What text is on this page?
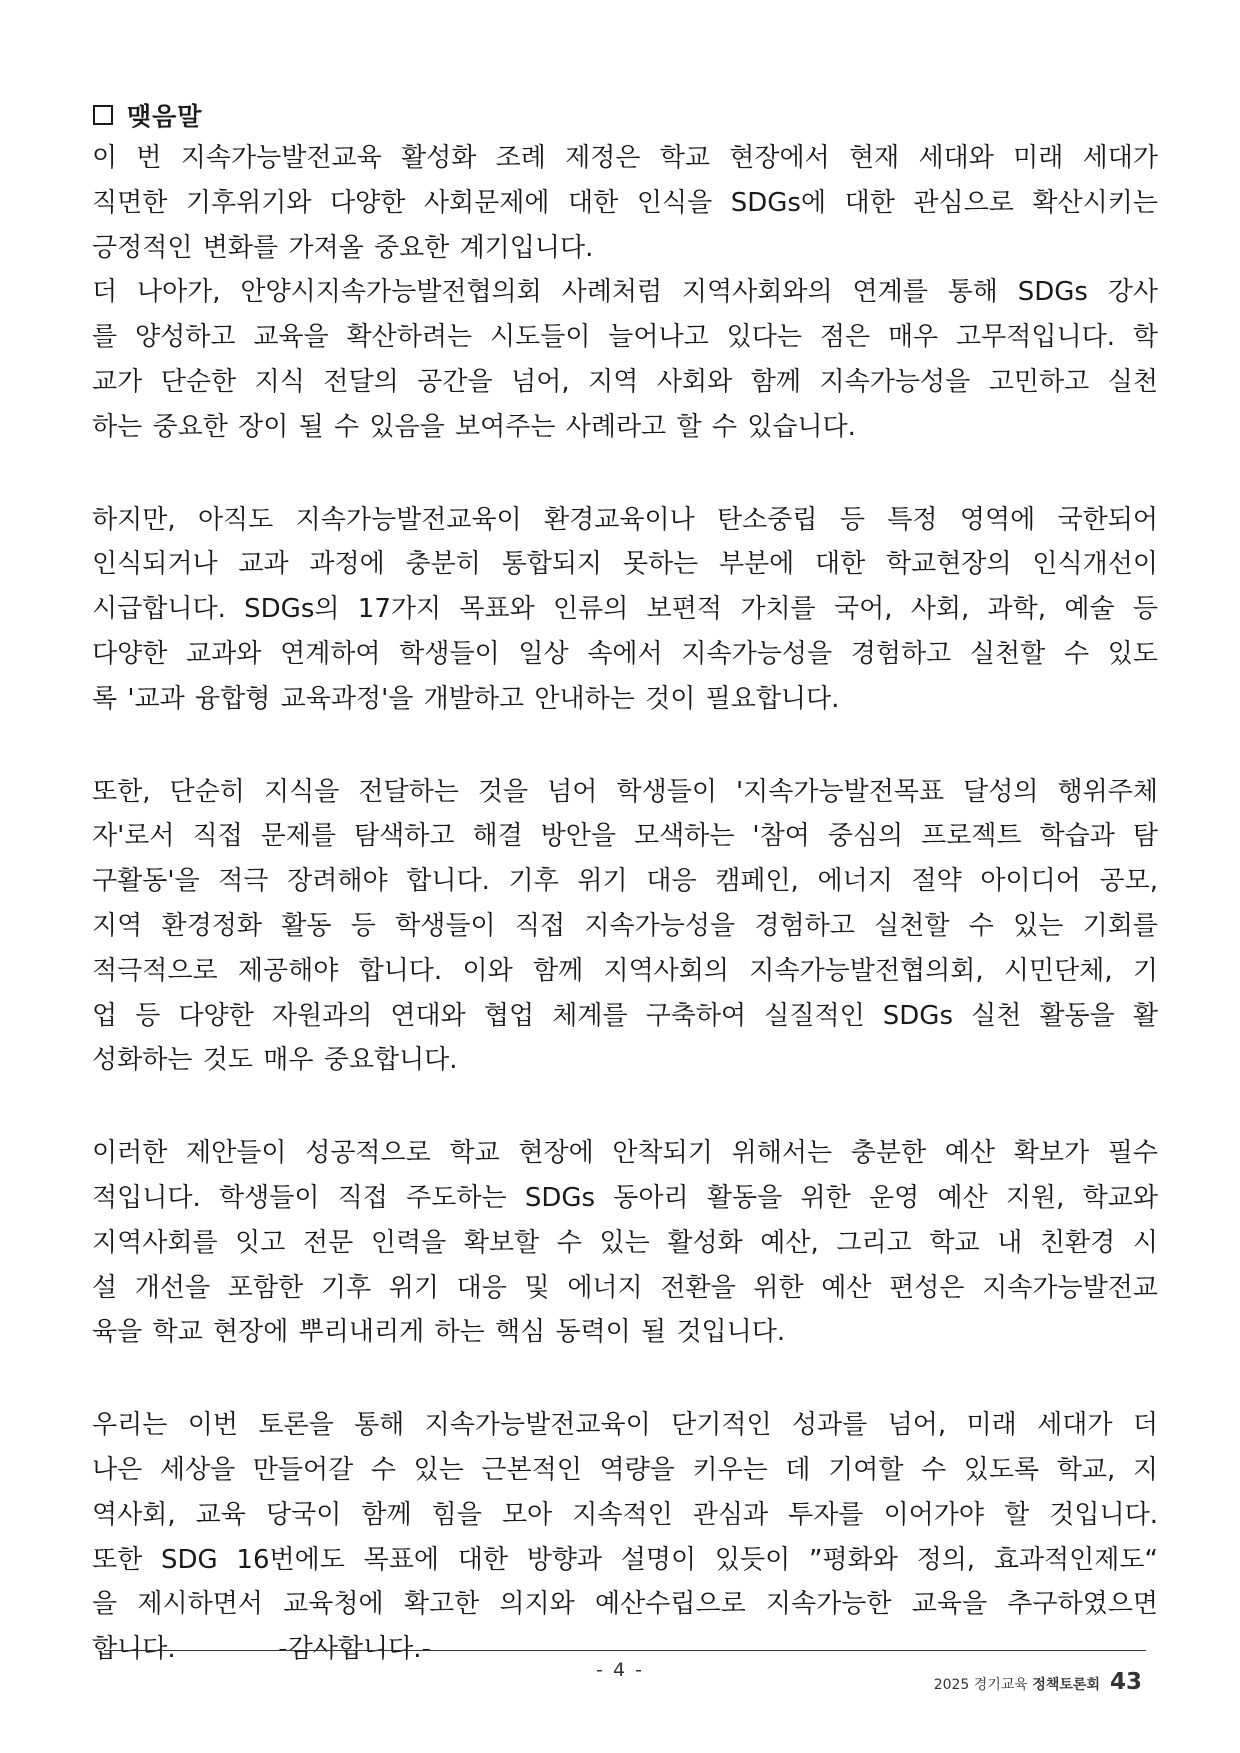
맺음말
이 번 지속가능발전교육 활성화 조례 제정은 학교 현장에서 현재 세대와 미래 세대가
직면한 기후위기와 다양한 사회문제에 대한 인식을 SDGs에 대한 관심으로 확산시키는
긍정적인 변화를 가져올 중요한 계기입니다.
더 나아가, 안양시지속가능발전협의회 사례처럼 지역사회와의 연계를 통해 SDGs 강사
를 양성하고 교육을 확산하려는 시도들이 늘어나고 있다는 점은 매우 고무적입니다. 학
교가 단순한 지식 전달의 공간을 넘어, 지역 사회와 함께 지속가능성을 고민하고 실천
하는 중요한 장이 될 수 있음을 보여주는 사례라고 할 수 있습니다.
하지만, 아직도 지속가능발전교육이 환경교육이나 탄소중립 등 특정 영역에 국한되어
인식되거나 교과 과정에 충분히 통합되지 못하는 부분에 대한 학교현장의 인식개선이
시급합니다. SDGs의 17가지 목표와 인류의 보편적 가치를 국어, 사회, 과학, 예술 등
다양한 교과와 연계하여 학생들이 일상 속에서 지속가능성을 경험하고 실천할 수 있도
록 '교과 융합형 교육과정'을 개발하고 안내하는 것이 필요합니다.
또한, 단순히 지식을 전달하는 것을 넘어 학생들이 '지속가능발전목표 달성의 행위주체
자'로서 직접 문제를 탐색하고 해결 방안을 모색하는 '참여 중심의 프로젝트 학습과 탐
구활동'을 적극 장려해야 합니다. 기후 위기 대응 캠페인, 에너지 절약 아이디어 공모,
지역 환경정화 활동 등 학생들이 직접 지속가능성을 경험하고 실천할 수 있는 기회를
적극적으로 제공해야 합니다. 이와 함께 지역사회의 지속가능발전협의회, 시민단체, 기
업 등 다양한 자원과의 연대와 협업 체계를 구축하여 실질적인 SDGs 실천 활동을 활
성화하는 것도 매우 중요합니다.
이러한 제안들이 성공적으로 학교 현장에 안착되기 위해서는 충분한 예산 확보가 필수
적입니다. 학생들이 직접 주도하는 SDGs 동아리 활동을 위한 운영 예산 지원, 학교와
지역사회를 잇고 전문 인력을 확보할 수 있는 활성화 예산, 그리고 학교 내 친환경 시
설 개선을 포함한 기후 위기 대응 및 에너지 전환을 위한 예산 편성은 지속가능발전교
육을 학교 현장에 뿌리내리게 하는 핵심 동력이 될 것입니다.
우리는 이번 토론을 통해 지속가능발전교육이 단기적인 성과를 넘어, 미래 세대가 더
나은 세상을 만들어갈 수 있는 근본적인 역량을 키우는 데 기여할 수 있도록 학교, 지
역사회, 교육 당국이 함께 힘을 모아 지속적인 관심과 투자를 이어가야 할 것입니다.
또한 SDG 16번에도 목표에 대한 방향과 설명이 있듯이 ”평화와 정의, 효과적인제도“
을 제시하면서 교육청에 확고한 의지와 예산수립으로 지속가능한 교육을 추구하였으면
합니다.          -감사합니다.-
- 4 -
2025 경기교육 정책토론회 43
